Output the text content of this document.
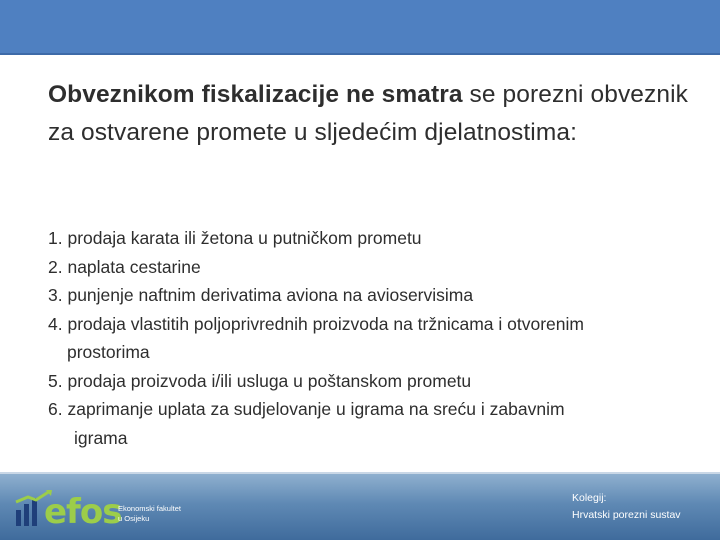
Obveznikom fiskalizacije ne smatra se porezni obveznik za ostvarene promete u sljedećim djelatnostima:
1. prodaja karata ili žetona u putničkom prometu
2. naplata cestarine
3. punjenje naftnim derivatima aviona na avioservisima
4. prodaja vlastitih poljoprivrednih proizvoda na tržnicama i otvorenim
prostorima
5. prodaja proizvoda i/ili usluga u poštanskom prometu
6. zaprimanje uplata za sudjelovanje u igrama na sreću i zabavnim
igrama
efos
Ekonomski fakultet
u Osijeku
Kolegij:
Hrvatski porezni sustav
